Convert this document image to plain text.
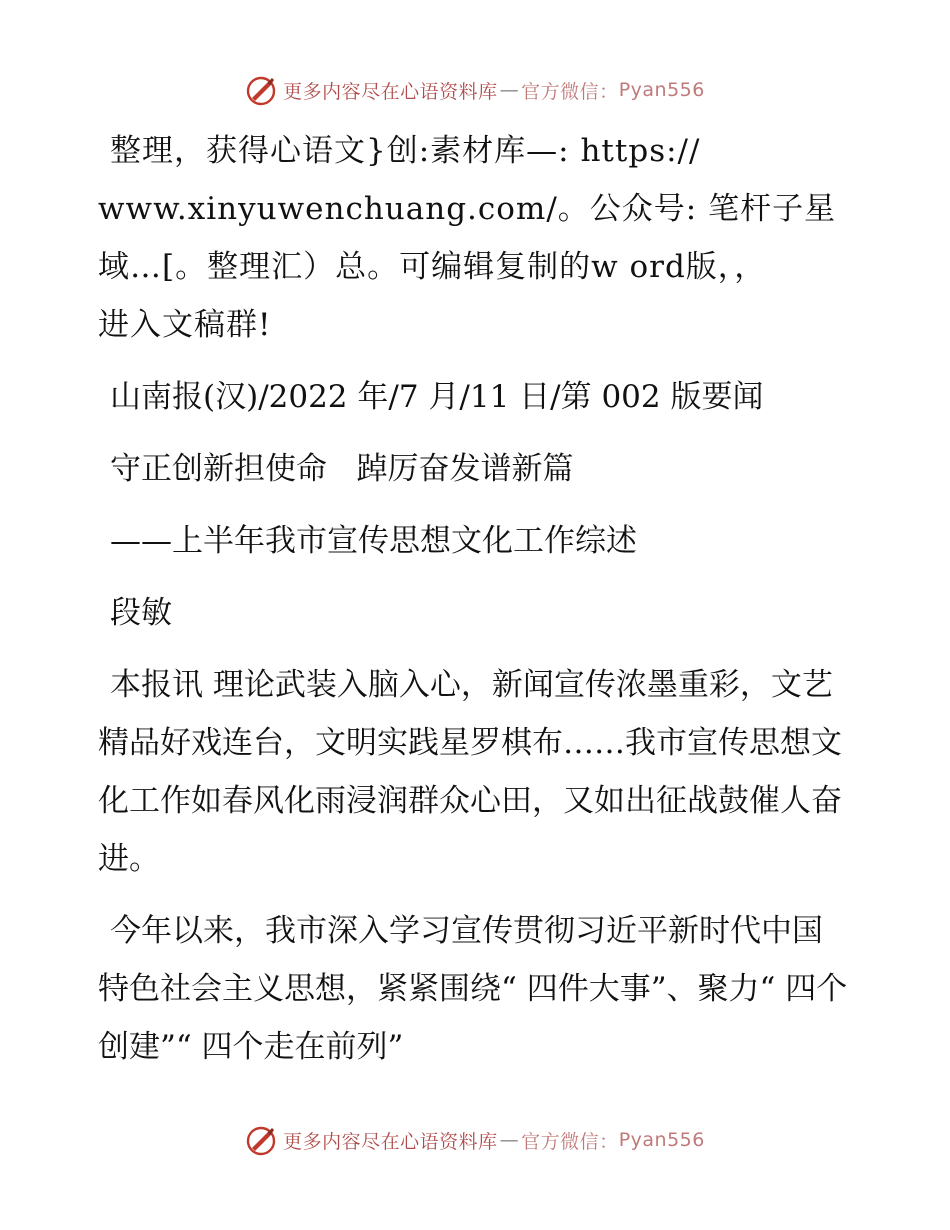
更多内容尽在心语资料库 — 官方微信： Pyan556
整理，获得心语文}创:素材库—: https://
www.xinyuwenchuang.com/。公众号: 笔杆子星
域…[。整理汇）总。可编辑复制的w ord版，，
进入文稿群!
山南报(汉)/2022 年/7 月/11 日/第 002 版要闻
守正创新担使命   踔厉奋发谱新篇
——上半年我市宣传思想文化工作综述
段敏
本报讯 理论武装入脑入心，新闻宣传浓墨重彩，文艺精品好戏连台，文明实践星罗棋布……我市宣传思想文化工作如春风化雨浸润群众心田，又如出征战鼓催人奋进。
今年以来，我市深入学习宣传贯彻习近平新时代中国特色社会主义思想，紧紧围绕“ 四件大事”、聚力“ 四个创建”“ 四个走在前列”
更多内容尽在心语资料库 — 官方微信： Pyan556
